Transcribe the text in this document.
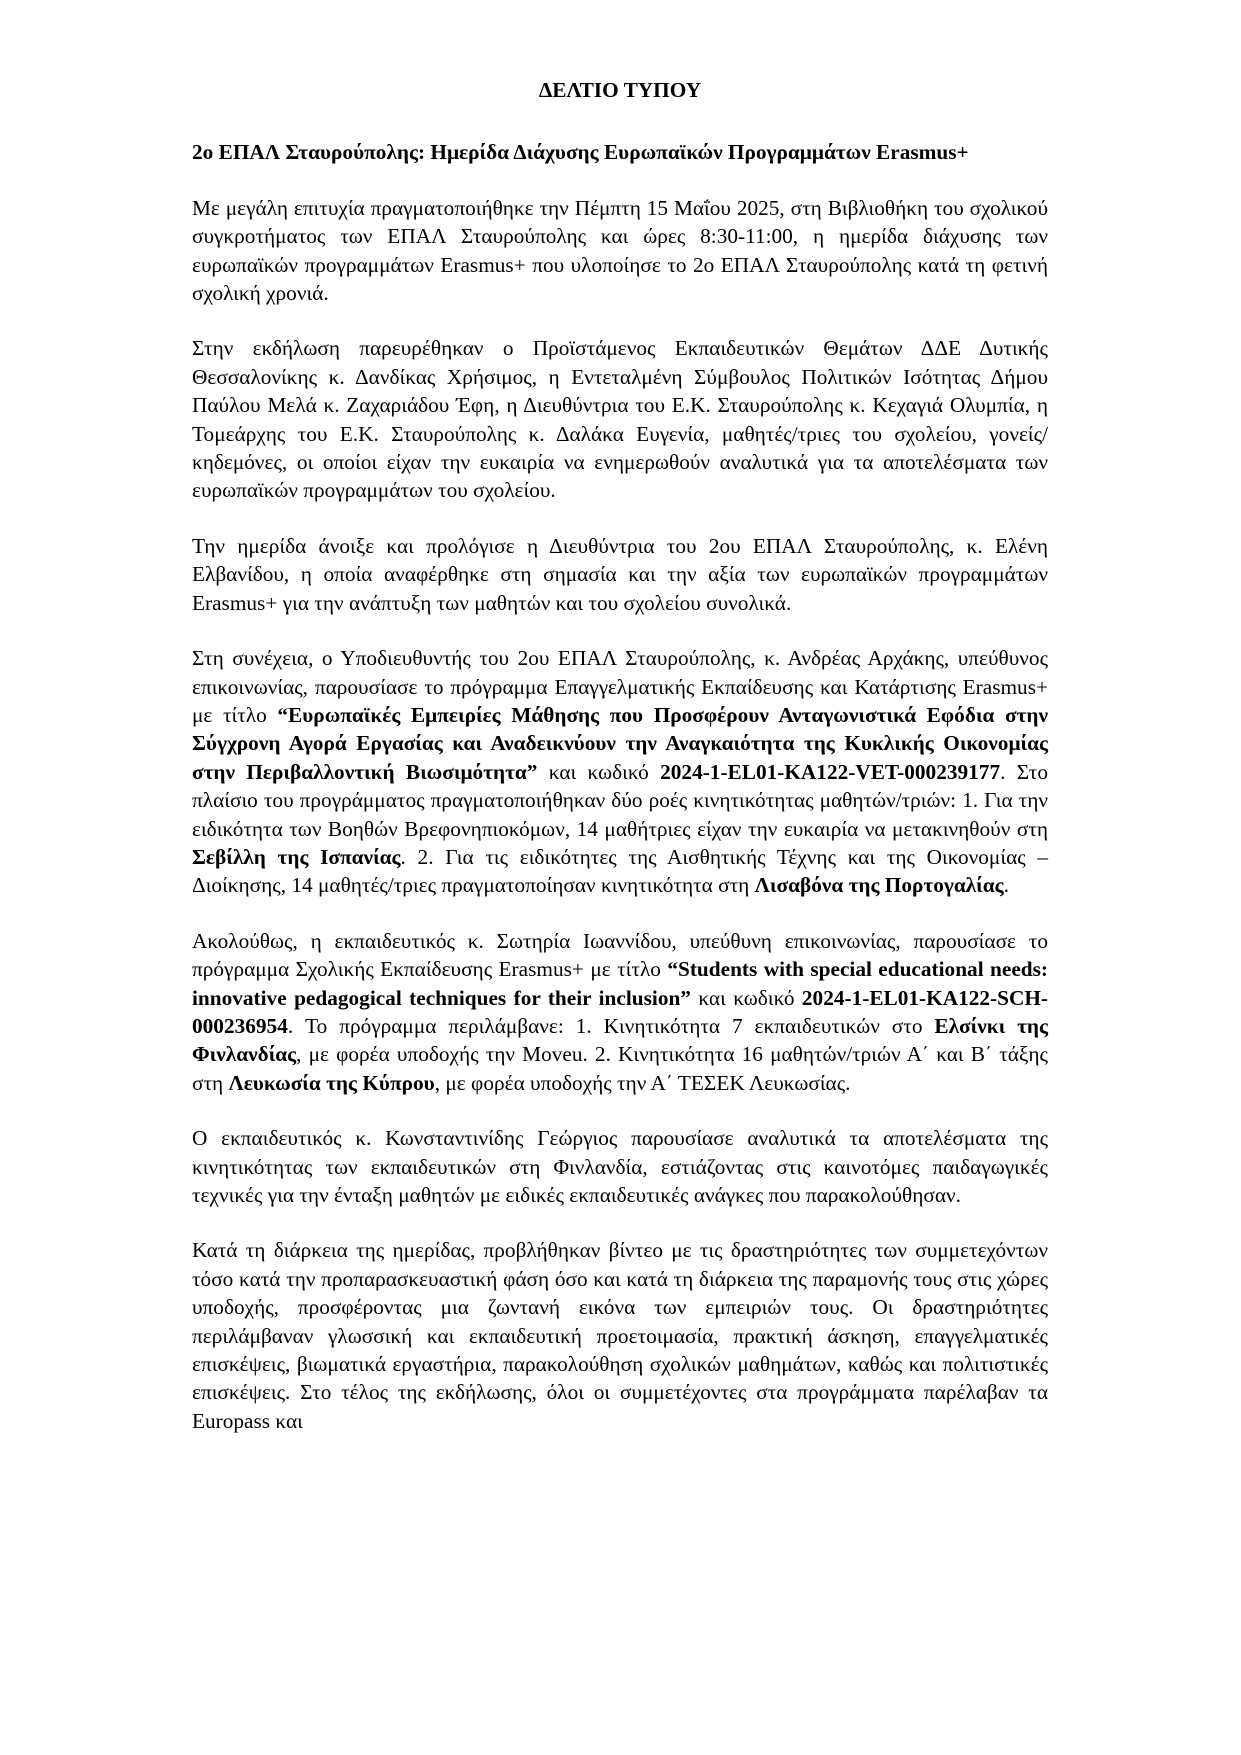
ΔΕΛΤΙΟ ΤΥΠΟΥ
2ο ΕΠΑΛ Σταυρούπολης: Ημερίδα Διάχυσης Ευρωπαϊκών Προγραμμάτων Erasmus+

Με μεγάλη επιτυχία πραγματοποιήθηκε την Πέμπτη 15 Μαΐου 2025, στη Βιβλιοθήκη του σχολικού συγκροτήματος των ΕΠΑΛ Σταυρούπολης και ώρες 8:30-11:00, η ημερίδα διάχυσης των ευρωπαϊκών προγραμμάτων Erasmus+ που υλοποίησε το 2ο ΕΠΑΛ Σταυρούπολης κατά τη φετινή σχολική χρονιά.

Στην εκδήλωση παρευρέθηκαν ο Προϊστάμενος Εκπαιδευτικών Θεμάτων ΔΔΕ Δυτικής Θεσσαλονίκης κ. Δανδίκας Χρήσιμος, η Εντεταλμένη Σύμβουλος Πολιτικών Ισότητας Δήμου Παύλου Μελά κ. Ζαχαριάδου Έφη, η Διευθύντρια του Ε.Κ. Σταυρούπολης κ. Κεχαγιά Ολυμπία, η Τομεάρχης του Ε.Κ. Σταυρούπολης κ. Δαλάκα Ευγενία, μαθητές/τριες του σχολείου, γονείς/κηδεμόνες, οι οποίοι είχαν την ευκαιρία να ενημερωθούν αναλυτικά για τα αποτελέσματα των ευρωπαϊκών προγραμμάτων του σχολείου.

Την ημερίδα άνοιξε και προλόγισε η Διευθύντρια του 2ου ΕΠΑΛ Σταυρούπολης, κ. Ελένη Ελβανίδου, η οποία αναφέρθηκε στη σημασία και την αξία των ευρωπαϊκών προγραμμάτων Erasmus+ για την ανάπτυξη των μαθητών και του σχολείου συνολικά.

Στη συνέχεια, ο Υποδιευθυντής του 2ου ΕΠΑΛ Σταυρούπολης, κ. Ανδρέας Αρχάκης, υπεύθυνος επικοινωνίας, παρουσίασε το πρόγραμμα Επαγγελματικής Εκπαίδευσης και Κατάρτισης Erasmus+ με τίτλο “Ευρωπαϊκές Εμπειρίες Μάθησης που Προσφέρουν Ανταγωνιστικά Εφόδια στην Σύγχρονη Αγορά Εργασίας και Αναδεικνύουν την Αναγκαιότητα της Κυκλικής Οικονομίας στην Περιβαλλοντική Βιωσιμότητα” και κωδικό 2024-1-EL01-KA122-VET-000239177. Στο πλαίσιο του προγράμματος πραγματοποιήθηκαν δύο ροές κινητικότητας μαθητών/τριών: 1. Για την ειδικότητα των Βοηθών Βρεφονηπιοκόμων, 14 μαθήτριες είχαν την ευκαιρία να μετακινηθούν στη Σεβίλλη της Ισπανίας. 2. Για τις ειδικότητες της Αισθητικής Τέχνης και της Οικονομίας – Διοίκησης, 14 μαθητές/τριες πραγματοποίησαν κινητικότητα στη Λισαβόνα της Πορτογαλίας.

Ακολούθως, η εκπαιδευτικός κ. Σωτηρία Ιωαννίδου, υπεύθυνη επικοινωνίας, παρουσίασε το πρόγραμμα Σχολικής Εκπαίδευσης Erasmus+ με τίτλο “Students with special educational needs: innovative pedagogical techniques for their inclusion” και κωδικό 2024-1-EL01-KA122-SCH-000236954. Το πρόγραμμα περιλάμβανε: 1. Κινητικότητα 7 εκπαιδευτικών στο Ελσίνκι της Φινλανδίας, με φορέα υποδοχής την Moveu. 2. Κινητικότητα 16 μαθητών/τριών Α΄ και Β΄ τάξης στη Λευκωσία της Κύπρου, με φορέα υποδοχής την Α΄ ΤΕΣΕΚ Λευκωσίας.

Ο εκπαιδευτικός κ. Κωνσταντινίδης Γεώργιος παρουσίασε αναλυτικά τα αποτελέσματα της κινητικότητας των εκπαιδευτικών στη Φινλανδία, εστιάζοντας στις καινοτόμες παιδαγωγικές τεχνικές για την ένταξη μαθητών με ειδικές εκπαιδευτικές ανάγκες που παρακολούθησαν.

Κατά τη διάρκεια της ημερίδας, προβλήθηκαν βίντεο με τις δραστηριότητες των συμμετεχόντων τόσο κατά την προπαρασκευαστική φάση όσο και κατά τη διάρκεια της παραμονής τους στις χώρες υποδοχής, προσφέροντας μια ζωντανή εικόνα των εμπειριών τους. Οι δραστηριότητες περιλάμβαναν γλωσσική και εκπαιδευτική προετοιμασία, πρακτική άσκηση, επαγγελματικές επισκέψεις, βιωματικά εργαστήρια, παρακολούθηση σχολικών μαθημάτων, καθώς και πολιτιστικές επισκέψεις. Στο τέλος της εκδήλωσης, όλοι οι συμμετέχοντες στα προγράμματα παρέλαβαν τα Europass και
